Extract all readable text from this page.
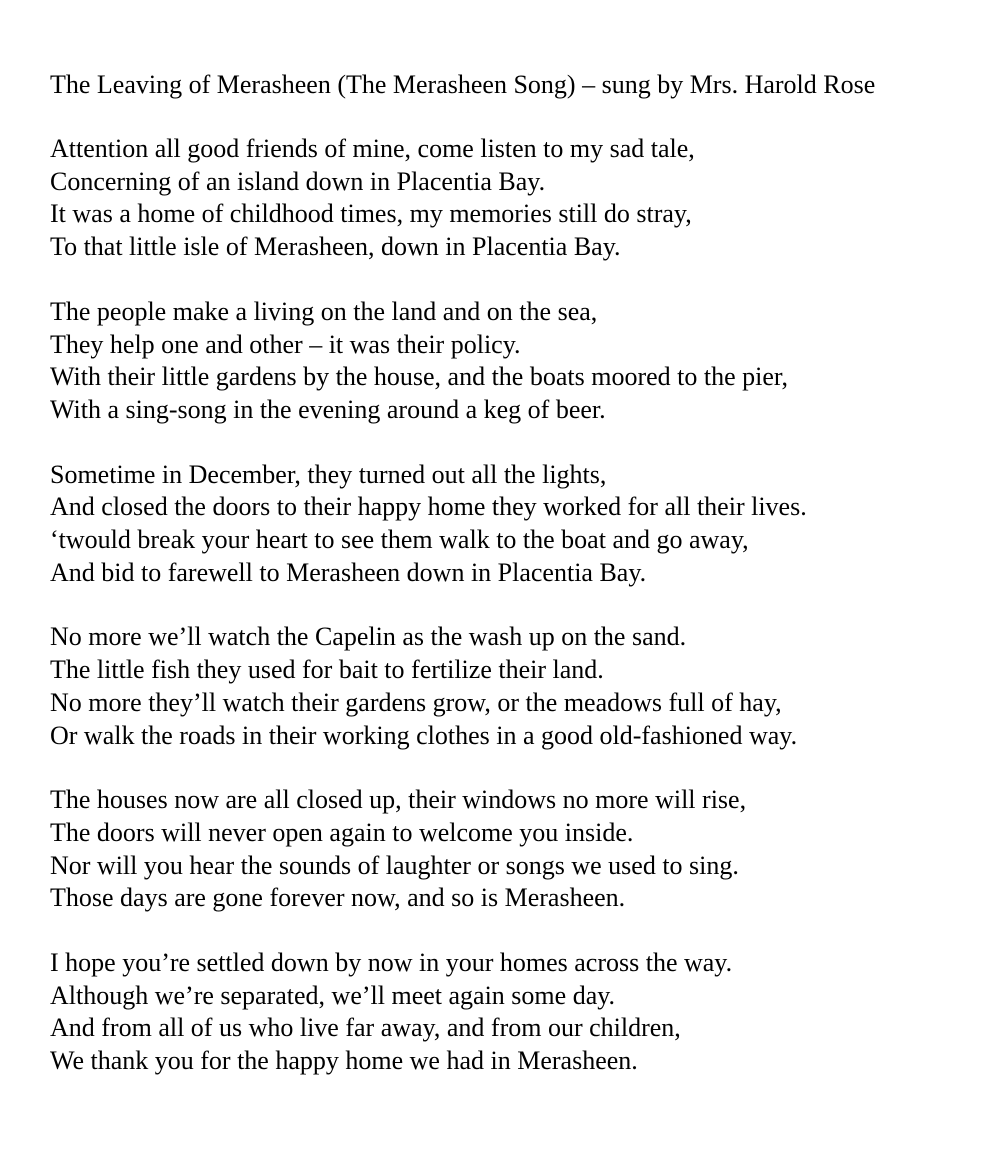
The Leaving of Merasheen (The Merasheen Song) – sung by Mrs. Harold Rose

Attention all good friends of mine, come listen to my sad tale,

Concerning of an island down in Placentia Bay.

It was a home of childhood times, my memories still do stray,

To that little isle of Merasheen, down in Placentia Bay.

The people make a living on the land and on the sea,

They help one and other – it was their policy.

With their little gardens by the house, and the boats moored to the pier,

With a sing-song in the evening around a keg of beer.

Sometime in December, they turned out all the lights,

And closed the doors to their happy home they worked for all their lives.

‘twould break your heart to see them walk to the boat and go away,

And bid to farewell to Merasheen down in Placentia Bay.

No more we’ll watch the Capelin as the wash up on the sand.

The little fish they used for bait to fertilize their land.

No more they’ll watch their gardens grow, or the meadows full of hay,

Or walk the roads in their working clothes in a good old-fashioned way.

The houses now are all closed up, their windows no more will rise,

The doors will never open again to welcome you inside.

Nor will you hear the sounds of laughter or songs we used to sing.

Those days are gone forever now, and so is Merasheen.

I hope you’re settled down by now in your homes across the way.

Although we’re separated, we’ll meet again some day.

And from all of us who live far away, and from our children,

We thank you for the happy home we had in Merasheen.
